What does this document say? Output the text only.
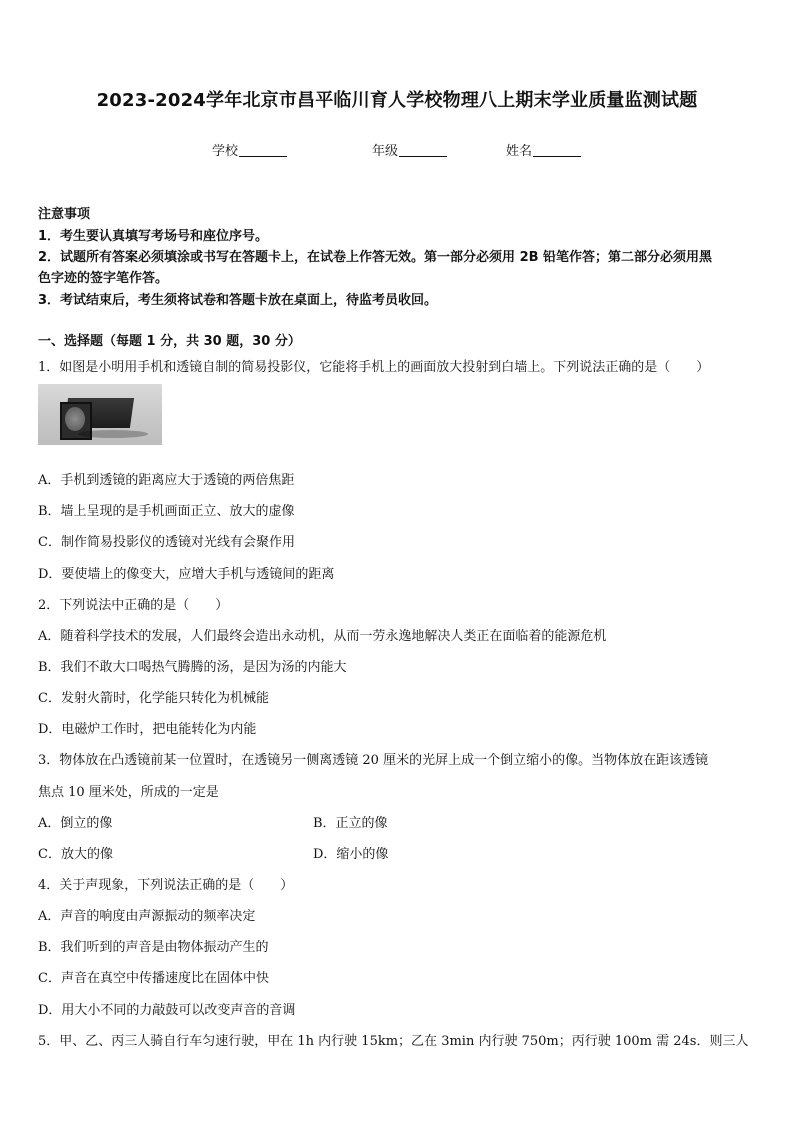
2023-2024学年北京市昌平临川育人学校物理八上期末学业质量监测试题
学校	年级	姓名
注意事项
1．考生要认真填写考场号和座位序号。
2．试题所有答案必须填涂或书写在答题卡上，在试卷上作答无效。第一部分必须用 2B 铅笔作答；第二部分必须用黑
色字迹的签字笔作答。
3．考试结束后，考生须将试卷和答题卡放在桌面上，待监考员收回。
一、选择题（每题 1 分，共 30 题，30 分）
1．如图是小明用手机和透镜自制的简易投影仪，它能将手机上的画面放大投射到白墙上。下列说法正确的是（　　）
A．手机到透镜的距离应大于透镜的两倍焦距
B．墙上呈现的是手机画面正立、放大的虚像
C．制作简易投影仪的透镜对光线有会聚作用
D．要使墙上的像变大，应增大手机与透镜间的距离
2．下列说法中正确的是（　　）
A．随着科学技术的发展，人们最终会造出永动机，从而一劳永逸地解决人类正在面临着的能源危机
B．我们不敢大口喝热气腾腾的汤，是因为汤的内能大
C．发射火箭时，化学能只转化为机械能
D．电磁炉工作时，把电能转化为内能
3．物体放在凸透镜前某一位置时，在透镜另一侧离透镜 20 厘米的光屏上成一个倒立缩小的像。当物体放在距该透镜
焦点 10 厘米处，所成的一定是
A．倒立的像	B．正立的像
C．放大的像	D．缩小的像
4．关于声现象，下列说法正确的是（　　）
A．声音的响度由声源振动的频率决定
B．我们听到的声音是由物体振动产生的
C．声音在真空中传播速度比在固体中快
D．用大小不同的力敲鼓可以改变声音的音调
5．甲、乙、丙三人骑自行车匀速行驶，甲在 1h 内行驶 15km；乙在 3min 内行驶 750m；丙行驶 100m 需 24s．则三人
